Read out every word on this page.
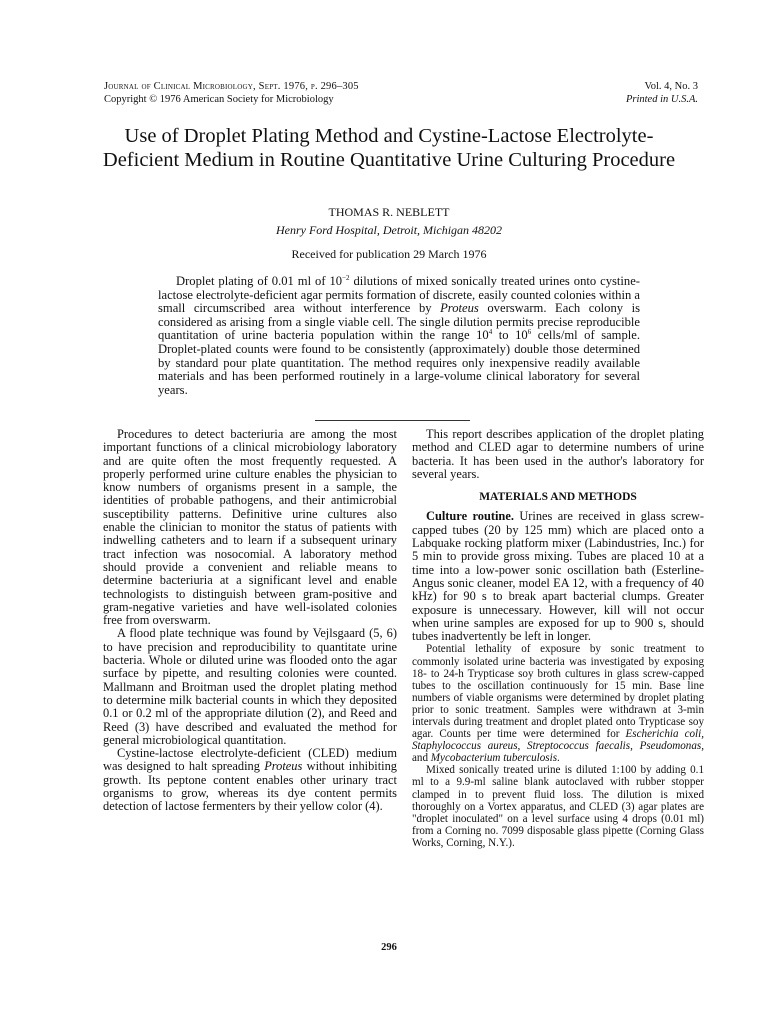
Journal of Clinical Microbiology, Sept. 1976, p. 296–305
Copyright © 1976 American Society for Microbiology
Vol. 4, No. 3
Printed in U.S.A.
Use of Droplet Plating Method and Cystine-Lactose Electrolyte-Deficient Medium in Routine Quantitative Urine Culturing Procedure
THOMAS R. NEBLETT
Henry Ford Hospital, Detroit, Michigan 48202
Received for publication 29 March 1976

Droplet plating of 0.01 ml of $10^{-2}$ dilutions of mixed sonically treated urines onto cystine-lactose electrolyte-deficient agar permits formation of discrete, easily counted colonies within a small circumscribed area without interference by Proteus overswarm. Each colony is considered as arising from a single viable cell. The single dilution permits precise reproducible quantitation of urine bacteria population within the range $10^4$ to $10^6$ cells/ml of sample. Droplet-plated counts were found to be consistently (approximately) double those determined by standard pour plate quantitation. The method requires only inexpensive readily available materials and has been performed routinely in a large-volume clinical laboratory for several years.

Procedures to detect bacteriuria are among the most important functions of a clinical microbiology laboratory and are quite often the most frequently requested. A properly performed urine culture enables the physician to know numbers of organisms present in a sample, the identities of probable pathogens, and their antimicrobial susceptibility patterns. Definitive urine cultures also enable the clinician to monitor the status of patients with indwelling catheters and to learn if a subsequent urinary tract infection was nosocomial. A laboratory method should provide a convenient and reliable means to determine bacteriuria at a significant level and enable technologists to distinguish between gram-positive and gram-negative varieties and have well-isolated colonies free from overswarm.

A flood plate technique was found by Vejlsgaard (5, 6) to have precision and reproducibility to quantitate urine bacteria. Whole or diluted urine was flooded onto the agar surface by pipette, and resulting colonies were counted. Mallmann and Broitman used the droplet plating method to determine milk bacterial counts in which they deposited 0.1 or 0.2 ml of the appropriate dilution (2), and Reed and Reed (3) have described and evaluated the method for general microbiological quantitation.

Cystine-lactose electrolyte-deficient (CLED) medium was designed to halt spreading Proteus without inhibiting growth. Its peptone content enables other urinary tract organisms to grow, whereas its dye content permits detection of lactose fermenters by their yellow color (4).

This report describes application of the droplet plating method and CLED agar to determine numbers of urine bacteria. It has been used in the author's laboratory for several years.

MATERIALS AND METHODS

Culture routine. Urines are received in glass screw-capped tubes (20 by 125 mm) which are placed onto a Labquake rocking platform mixer (Labindustries, Inc.) for 5 min to provide gross mixing. Tubes are placed 10 at a time into a low-power sonic oscillation bath (Esterline-Angus sonic cleaner, model EA 12, with a frequency of 40 kHz) for 90 s to break apart bacterial clumps. Greater exposure is unnecessary. However, kill will not occur when urine samples are exposed for up to 900 s, should tubes inadvertently be left in longer.

Potential lethality of exposure by sonic treatment to commonly isolated urine bacteria was investigated by exposing 18- to 24-h Trypticase soy broth cultures in glass screw-capped tubes to the oscillation continuously for 15 min. Base line numbers of viable organisms were determined by droplet plating prior to sonic treatment. Samples were withdrawn at 3-min intervals during treatment and droplet plated onto Trypticase soy agar. Counts per time were determined for Escherichia coli, Staphylococcus aureus, Streptococcus faecalis, Pseudomonas, and Mycobacterium tuberculosis.

Mixed sonically treated urine is diluted 1:100 by adding 0.1 ml to a 9.9-ml saline blank autoclaved with rubber stopper clamped in to prevent fluid loss. The dilution is mixed thoroughly on a Vortex apparatus, and CLED (3) agar plates are "droplet inoculated" on a level surface using 4 drops (0.01 ml) from a Corning no. 7099 disposable glass pipette (Corning Glass Works, Corning, N.Y.).

296
